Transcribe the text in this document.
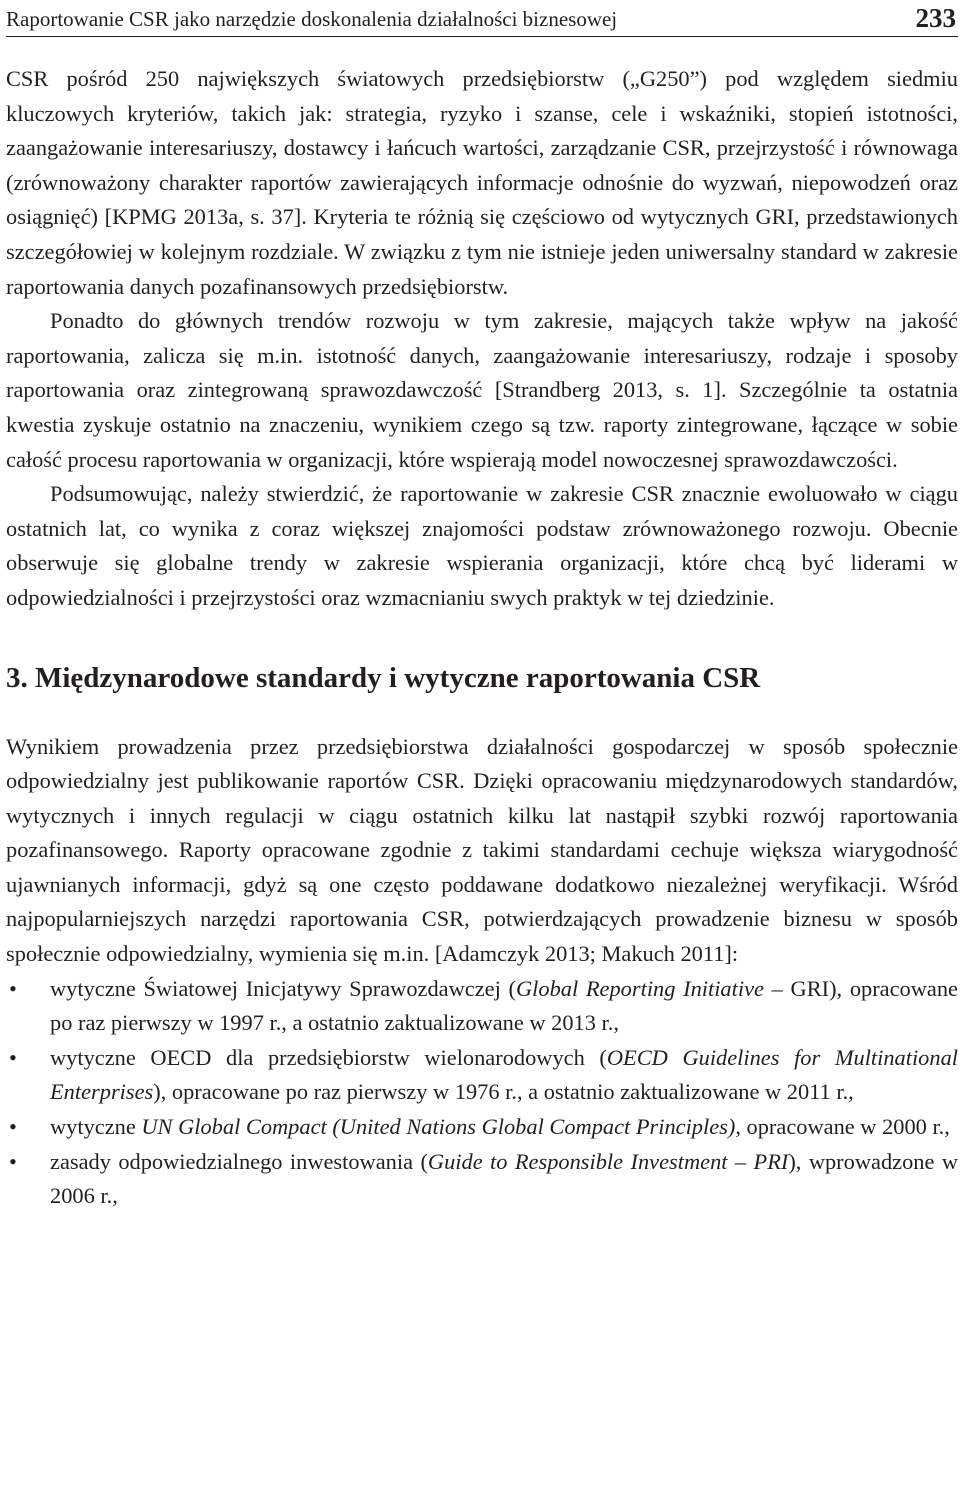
Raportowanie CSR jako narzędzie doskonalenia działalności biznesowej	233

CSR pośród 250 największych światowych przedsiębiorstw („G250”) pod względem siedmiu kluczowych kryteriów, takich jak: strategia, ryzyko i szanse, cele i wskaźniki, stopień istotności, zaangażowanie interesariuszy, dostawcy i łańcuch wartości, zarządzanie CSR, przejrzystość i równowaga (zrównoważony charakter raportów zawierających informacje odnośnie do wyzwań, niepowodzeń oraz osiągnięć) [KPMG 2013a, s. 37]. Kryteria te różnią się częściowo od wytycznych GRI, przedstawionych szczegółowiej w kolejnym rozdziale. W związku z tym nie istnieje jeden uniwersalny standard w zakresie raportowania danych pozafinansowych przedsiębiorstw.

Ponadto do głównych trendów rozwoju w tym zakresie, mających także wpływ na jakość raportowania, zalicza się m.in. istotność danych, zaangażowanie interesariuszy, rodzaje i sposoby raportowania oraz zintegrowaną sprawozdawczość [Strandberg 2013, s. 1]. Szczególnie ta ostatnia kwestia zyskuje ostatnio na znaczeniu, wynikiem czego są tzw. raporty zintegrowane, łączące w sobie całość procesu raportowania w organizacji, które wspierają model nowoczesnej sprawozdawczości.

Podsumowując, należy stwierdzić, że raportowanie w zakresie CSR znacznie ewoluowało w ciągu ostatnich lat, co wynika z coraz większej znajomości podstaw zrównoważonego rozwoju. Obecnie obserwuje się globalne trendy w zakresie wspierania organizacji, które chcą być liderami w odpowiedzialności i przejrzystości oraz wzmacnianiu swych praktyk w tej dziedzinie.

3. Międzynarodowe standardy i wytyczne raportowania CSR

Wynikiem prowadzenia przez przedsiębiorstwa działalności gospodarczej w sposób społecznie odpowiedzialny jest publikowanie raportów CSR. Dzięki opracowaniu międzynarodowych standardów, wytycznych i innych regulacji w ciągu ostatnich kilku lat nastąpił szybki rozwój raportowania pozafinansowego. Raporty opracowane zgodnie z takimi standardami cechuje większa wiarygodność ujawnianych informacji, gdyż są one często poddawane dodatkowo niezależnej weryfikacji. Wśród najpopularniejszych narzędzi raportowania CSR, potwierdzających prowadzenie biznesu w sposób społecznie odpowiedzialny, wymienia się m.in. [Adamczyk 2013; Makuch 2011]:

• wytyczne Światowej Inicjatywy Sprawozdawczej (Global Reporting Initiative – GRI), opracowane po raz pierwszy w 1997 r., a ostatnio zaktualizowane w 2013 r.,
• wytyczne OECD dla przedsiębiorstw wielonarodowych (OECD Guidelines for Multinational Enterprises), opracowane po raz pierwszy w 1976 r., a ostatnio zaktualizowane w 2011 r.,
• wytyczne UN Global Compact (United Nations Global Compact Principles), opracowane w 2000 r.,
• zasady odpowiedzialnego inwestowania (Guide to Responsible Investment – PRI), wprowadzone w 2006 r.,
